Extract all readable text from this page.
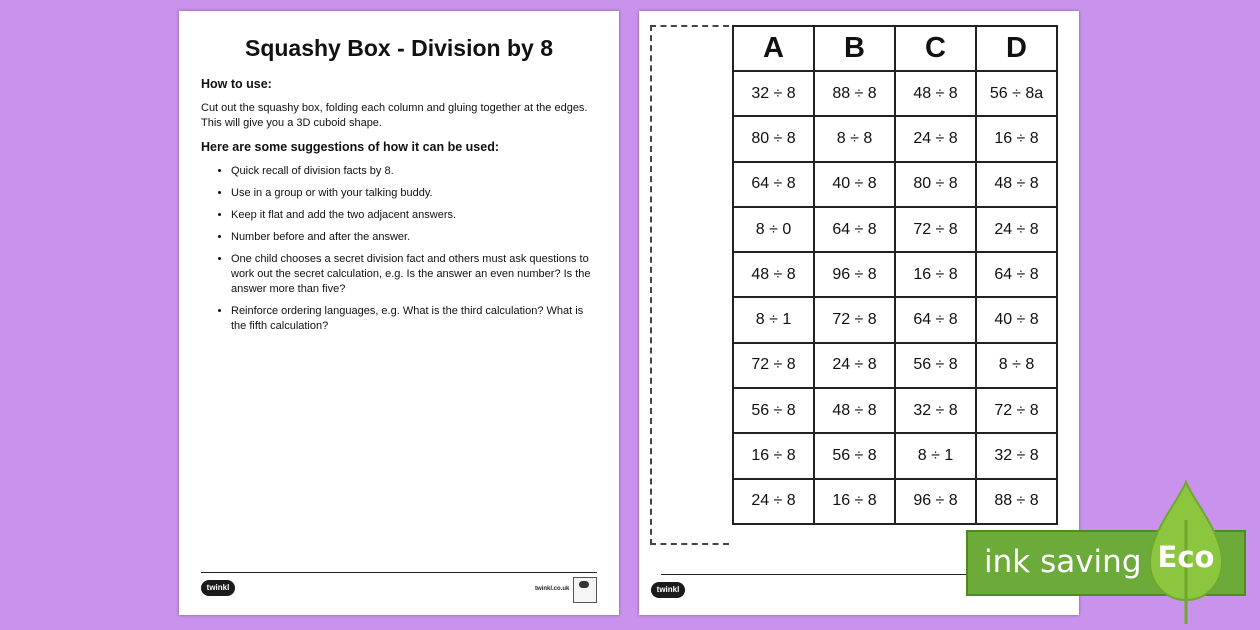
Squashy Box - Division by 8
How to use:
Cut out the squashy box, folding each column and gluing together at the edges. This will give you a 3D cuboid shape.
Here are some suggestions of how it can be used:
• Quick recall of division facts by 8.
• Use in a group or with your talking buddy.
• Keep it flat and add the two adjacent answers.
• Number before and after the answer.
• One child chooses a secret division fact and others must ask questions to work out the secret calculation, e.g. Is the answer an even number? Is the answer more than five?
• Reinforce ordering languages, e.g. What is the third calculation? What is the fifth calculation?
twinkl	twinkl.co.uk
A	B	C	D
32 ÷ 8	88 ÷ 8	48 ÷ 8	56 ÷ 8a
80 ÷ 8	8 ÷ 8	24 ÷ 8	16 ÷ 8
64 ÷ 8	40 ÷ 8	80 ÷ 8	48 ÷ 8
8 ÷ 0	64 ÷ 8	72 ÷ 8	24 ÷ 8
48 ÷ 8	96 ÷ 8	16 ÷ 8	64 ÷ 8
8 ÷ 1	72 ÷ 8	64 ÷ 8	40 ÷ 8
72 ÷ 8	24 ÷ 8	56 ÷ 8	8 ÷ 8
56 ÷ 8	48 ÷ 8	32 ÷ 8	72 ÷ 8
16 ÷ 8	56 ÷ 8	8 ÷ 1	32 ÷ 8
24 ÷ 8	16 ÷ 8	96 ÷ 8	88 ÷ 8
twinkl
ink saving Eco
